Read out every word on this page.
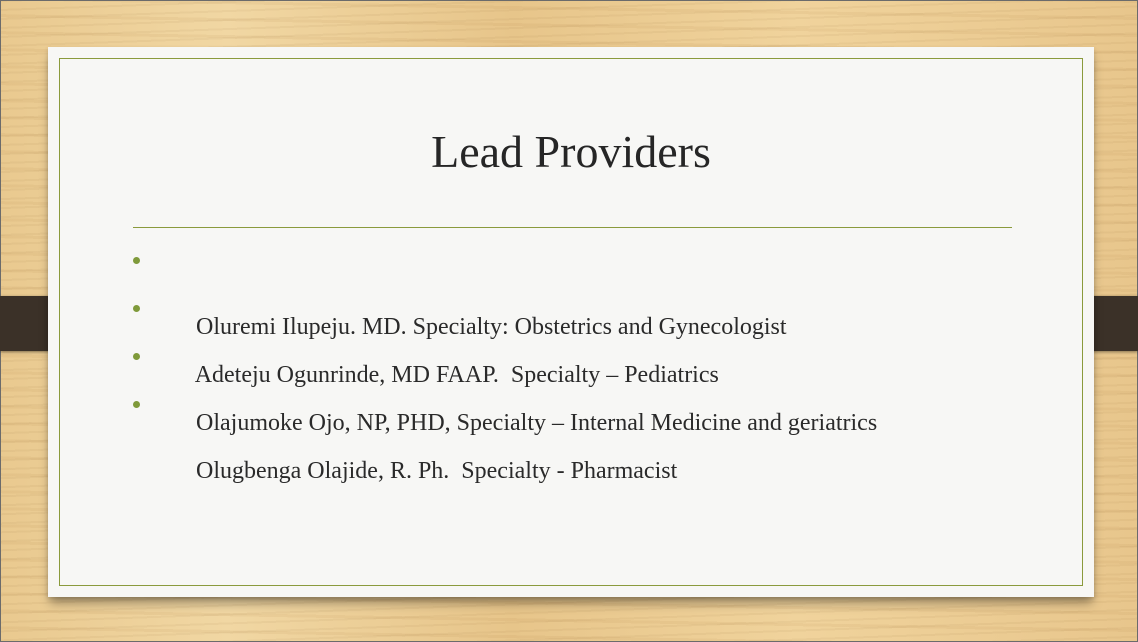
Lead Providers

Oluremi Ilupeju. MD. Specialty: Obstetrics and Gynecologist

Adeteju Ogunrinde, MD FAAP.  Specialty – Pediatrics

Olajumoke Ojo, NP, PHD, Specialty – Internal Medicine and geriatrics

Olugbenga Olajide, R. Ph.  Specialty - Pharmacist
